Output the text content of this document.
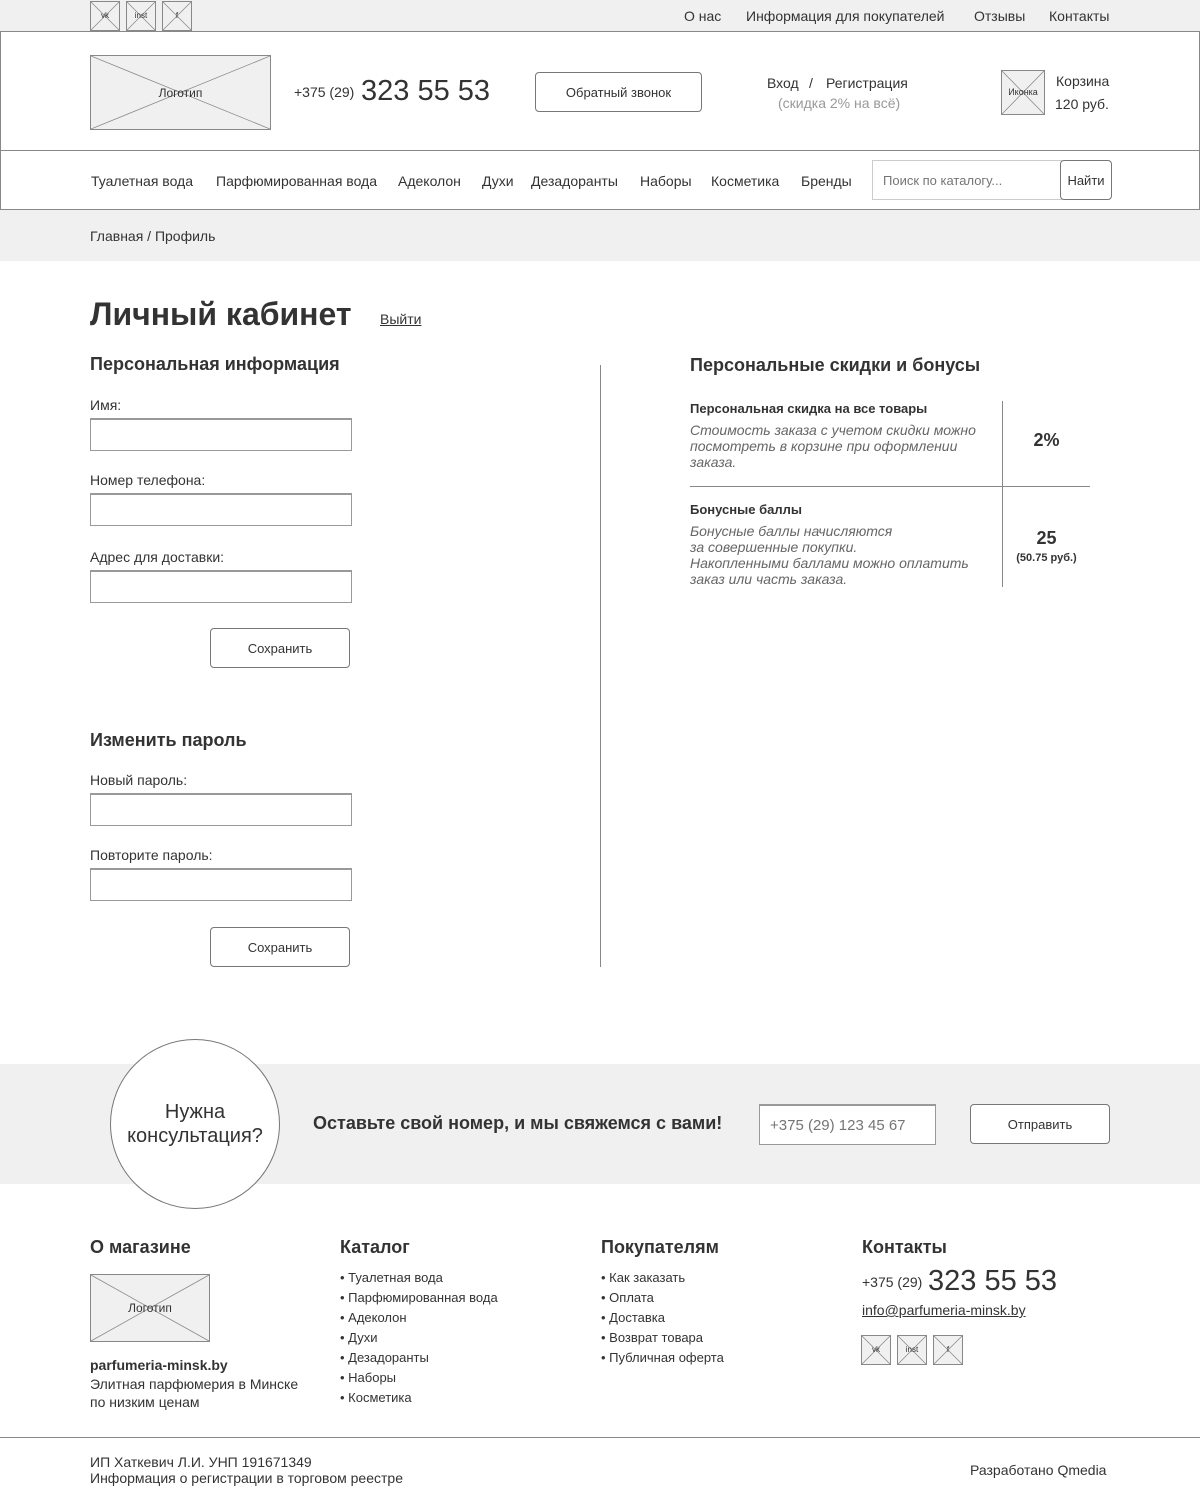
vk	inst	f	О нас Информация для покупателей Отзывы Контакты
Логотип	+375 (29) 323 55 53	Обратный звонок
Вход / Регистрация
(скидка 2% на всё)
Иконка
Корзина
120 руб.
Туалетная вода Парфюмированная вода Адеколон Духи Дезадоранты Наборы Косметика Бренды
Поиск по каталогу...	Найти
Главная / Профиль
Личный кабинет Выйти
Персональная информация
Имя:
Номер телефона:
Адрес для доставки:
Сохранить
Изменить пароль
Новый пароль:
Повторите пароль:
Сохранить
Персональные скидки и бонусы
Персональная скидка на все товары
Стоимость заказа с учетом скидки можно
посмотреть в корзине при оформлении
заказа.
2%
Бонусные баллы
Бонусные баллы начисляются
за совершенные покупки.
Накопленными баллами можно оплатить
заказ или часть заказа.
25
(50.75 руб.)
Нужна
консультация?
Оставьте свой номер, и мы свяжемся с вами!
+375 (29) 123 45 67	Отправить
О магазине
Логотип
parfumeria-minsk.by
Элитная парфюмерия в Минске
по низким ценам
Каталог
• Туалетная вода
• Парфюмированная вода
• Адеколон
• Духи
• Дезадоранты
• Наборы
• Косметика
Покупателям
• Как заказать
• Оплата
• Доставка
• Возврат товара
• Публичная оферта
Контакты
+375 (29) 323 55 53
info@parfumeria-minsk.by
vk	inst	f
ИП Хаткевич Л.И. УНП 191671349
Информация о регистрации в торговом реестре	Разработано Qmedia
